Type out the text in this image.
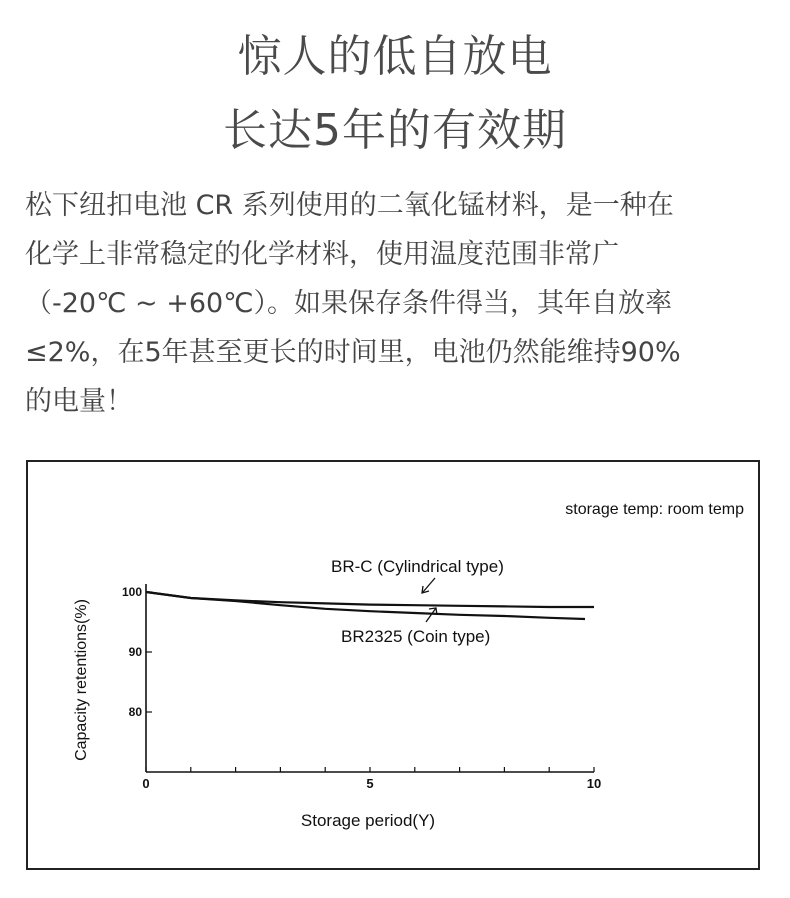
惊人的低自放电
长达5年的有效期
松下纽扣电池 CR 系列使用的二氧化锰材料，是一种在
化学上非常稳定的化学材料，使用温度范围非常广
（-20℃ ~ +60℃）。如果保存条件得当，其年自放率
≤2%，在5年甚至更长的时间里，电池仍然能维持90%
的电量！
storage temp: room temp
0	5	10
80
90
100
BR-C (Cylindrical type)
BR2325 (Coin type)
Storage period(Y)
Capacity retentions(%)
